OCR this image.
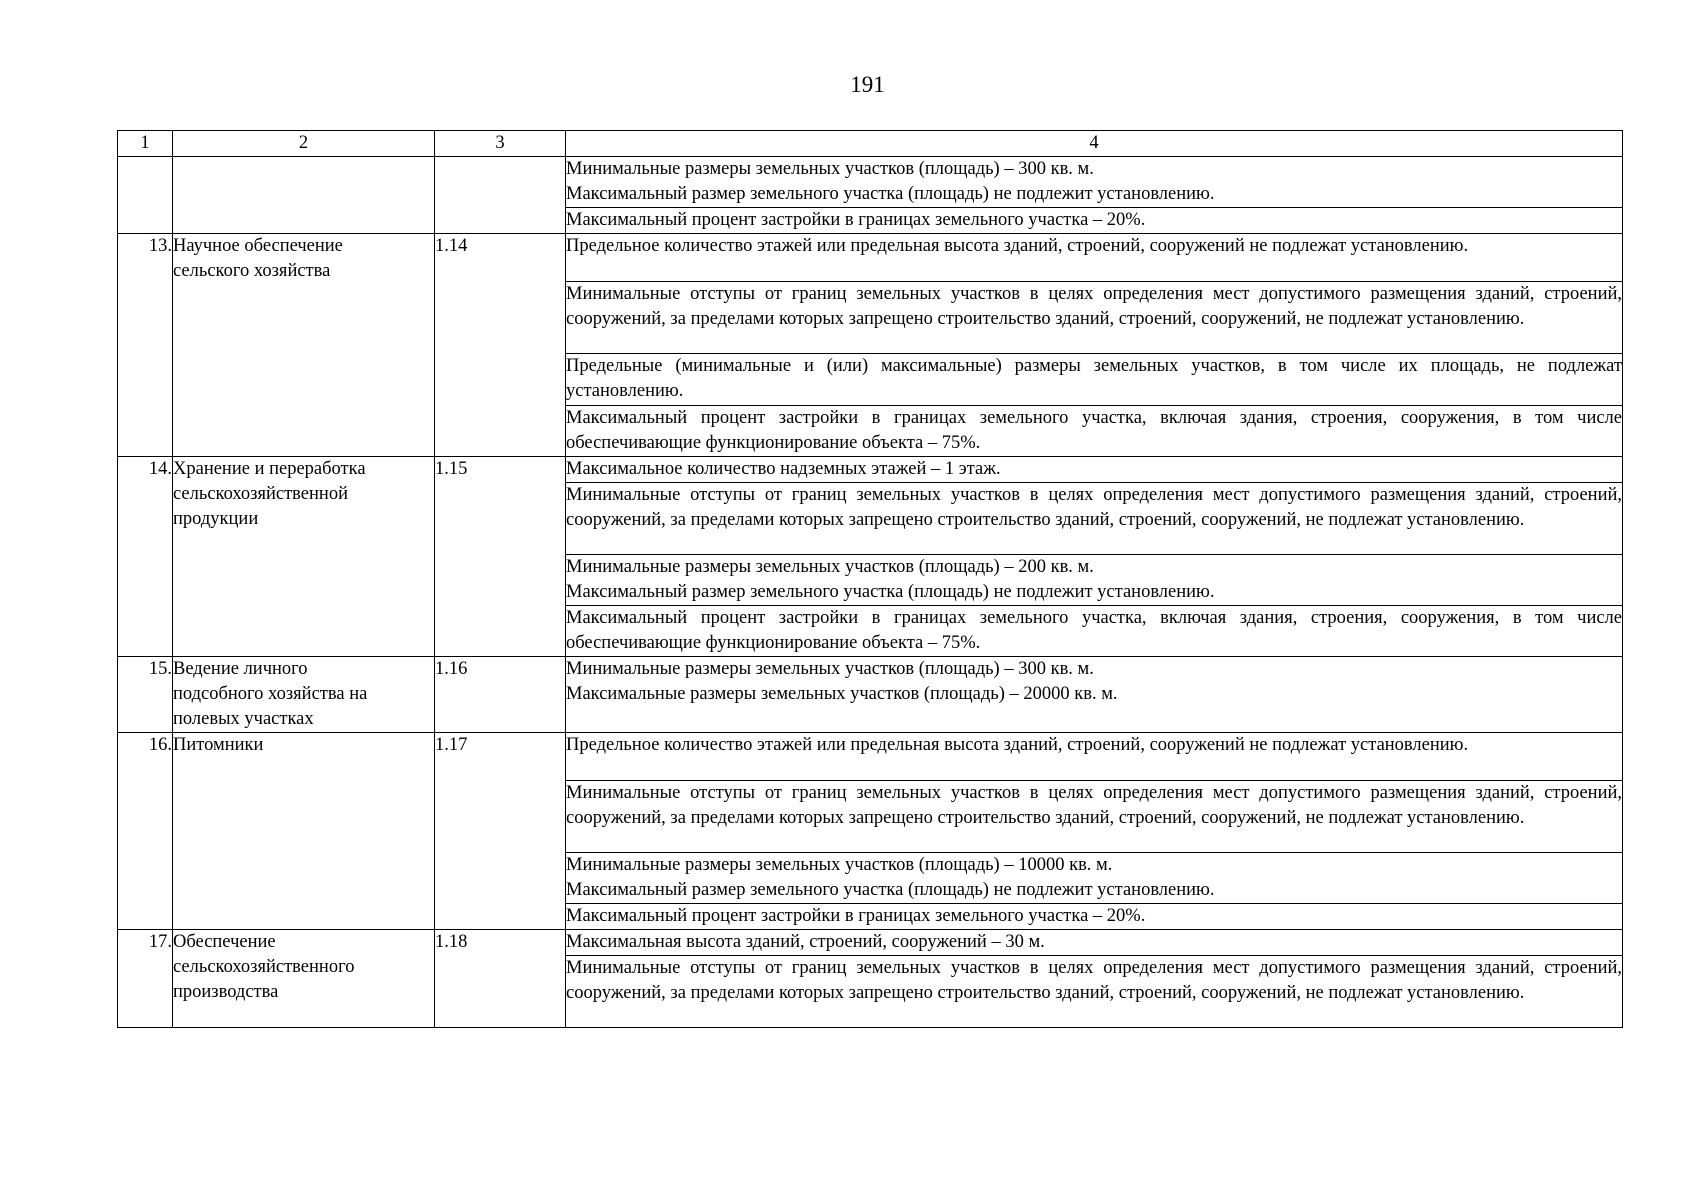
191
1	2	3	4

			Минимальные размеры земельных участков (площадь) – 300 кв. м.
Максимальный размер земельного участка (площадь) не подлежит установлению.

			Максимальный процент застройки в границах земельного участка – 20%.

13.	Научное обеспечение
сельского хозяйства	1.14	Предельное количество этажей или предельная высота зданий, строений, сооружений не подлежат установлению.

			Минимальные отступы от границ земельных участков в целях определения мест допустимого размещения зданий, строений, сооружений, за пределами которых запрещено строительство зданий, строений, сооружений, не подлежат установлению.

			Предельные (минимальные и (или) максимальные) размеры земельных участков, в том числе их площадь, не подлежат установлению.

			Максимальный процент застройки в границах земельного участка, включая здания, строения, сооружения, в том числе обеспечивающие функционирование объекта – 75%.

14.	Хранение и переработка
сельскохозяйственной
продукции	1.15	Максимальное количество надземных этажей – 1 этаж.

			Минимальные отступы от границ земельных участков в целях определения мест допустимого размещения зданий, строений, сооружений, за пределами которых запрещено строительство зданий, строений, сооружений, не подлежат установлению.

			Минимальные размеры земельных участков (площадь) – 200 кв. м.
Максимальный размер земельного участка (площадь) не подлежит установлению.

			Максимальный процент застройки в границах земельного участка, включая здания, строения, сооружения, в том числе обеспечивающие функционирование объекта – 75%.

15.	Ведение личного
подсобного хозяйства на
полевых участках	1.16	Минимальные размеры земельных участков (площадь) – 300 кв. м.
Максимальные размеры земельных участков (площадь) – 20000 кв. м.

16.	Питомники	1.17	Предельное количество этажей или предельная высота зданий, строений, сооружений не подлежат установлению.

			Минимальные отступы от границ земельных участков в целях определения мест допустимого размещения зданий, строений, сооружений, за пределами которых запрещено строительство зданий, строений, сооружений, не подлежат установлению.

			Минимальные размеры земельных участков (площадь) – 10000 кв. м.
Максимальный размер земельного участка (площадь) не подлежит установлению.

			Максимальный процент застройки в границах земельного участка – 20%.

17.	Обеспечение
сельскохозяйственного
производства	1.18	Максимальная высота зданий, строений, сооружений – 30 м.

			Минимальные отступы от границ земельных участков в целях определения мест допустимого размещения зданий, строений, сооружений, за пределами которых запрещено строительство зданий, строений, сооружений, не подлежат установлению.
